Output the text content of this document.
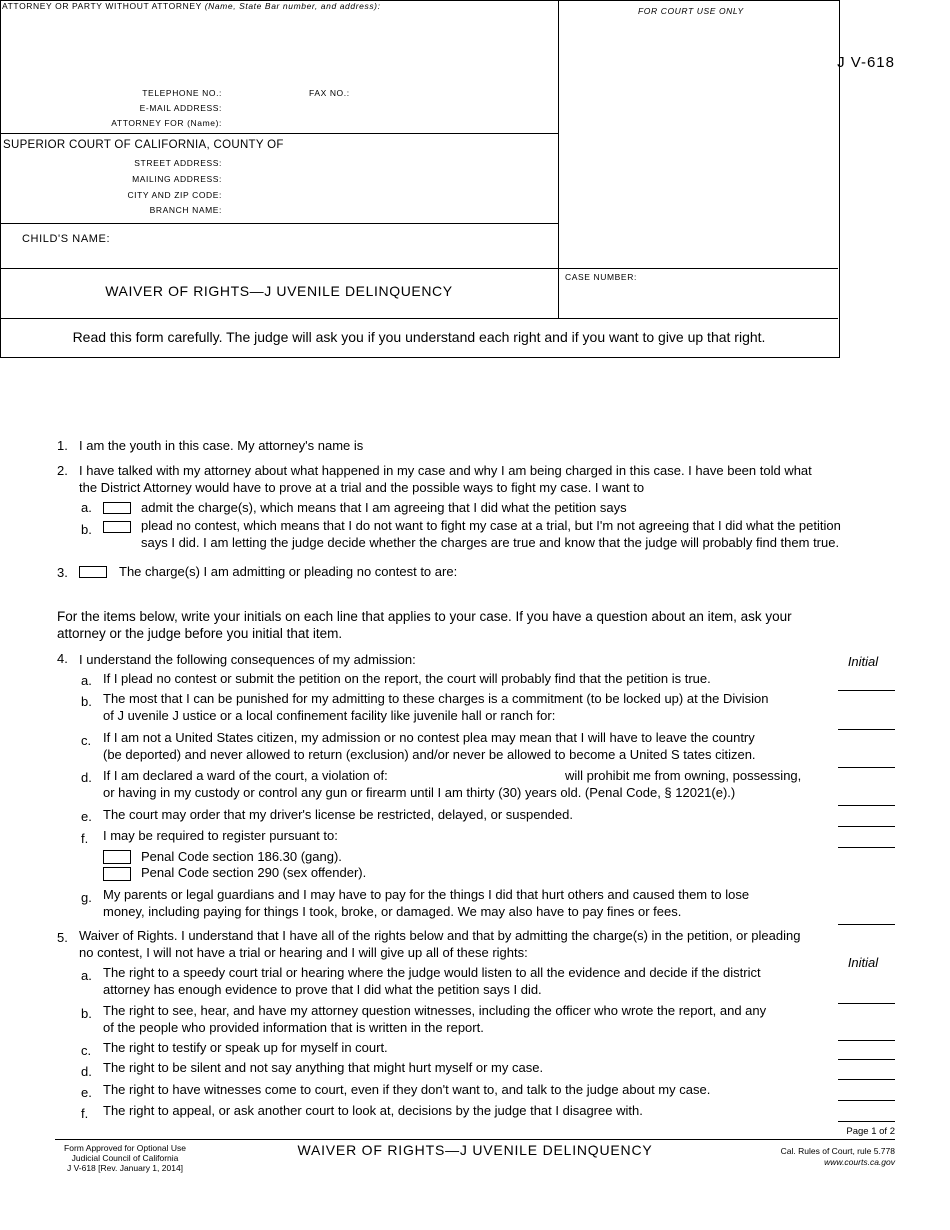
J V-618
ATTORNEY OR PARTY WITHOUT ATTORNEY (Name, State Bar number, and address):	FOR COURT USE ONLY
TELEPHONE NO.:	FAX NO.:
E-MAIL ADDRESS:
ATTORNEY FOR (Name):
SUPERIOR COURT OF CALIFORNIA, COUNTY OF
STREET ADDRESS:
MAILING ADDRESS:
CITY AND ZIP CODE:
BRANCH NAME:
CHILD'S NAME:
WAIVER OF RIGHTS—J UVENILE DELINQUENCY
CASE NUMBER:
Read this form carefully. The judge will ask you if you understand each right and if you want to give up that right.
1. I am the youth in this case. My attorney's name is
2. I have talked with my attorney about what happened in my case and why I am being charged in this case. I have been told what
the District Attorney would have to prove at a trial and the possible ways to fight my case. I want to
a.	admit the charge(s), which means that I am agreeing that I did what the petition says
b.	plead no contest, which means that I do not want to fight my case at a trial, but I'm not agreeing that I did what the petition
says I did. I am letting the judge decide whether the charges are true and know that the judge will probably find them true.
3.	The charge(s) I am admitting or pleading no contest to are:
For the items below, write your initials on each line that applies to your case. If you have a question about an item, ask your
attorney or the judge before you initial that item.
4. I understand the following consequences of my admission:	Initial
a. If I plead no contest or submit the petition on the report, the court will probably find that the petition is true.
b. The most that I can be punished for my admitting to these charges is a commitment (to be locked up) at the Division
of J uvenile J ustice or a local confinement facility like juvenile hall or ranch for:
c. If I am not a United States citizen, my admission or no contest plea may mean that I will have to leave the country
(be deported) and never allowed to return (exclusion) and/or never be allowed to become a United S tates citizen.
d. If I am declared a ward of the court, a violation of:	will prohibit me from owning, possessing,
or having in my custody or control any gun or firearm until I am thirty (30) years old. (Penal Code, § 12021(e).)
e. The court may order that my driver's license be restricted, delayed, or suspended.
f. I may be required to register pursuant to:
Penal Code section 186.30 (gang).
Penal Code section 290 (sex offender).
g. My parents or legal guardians and I may have to pay for the things I did that hurt others and caused them to lose
money, including paying for things I took, broke, or damaged. We may also have to pay fines or fees.
5. Waiver of Rights. I understand that I have all of the rights below and that by admitting the charge(s) in the petition, or pleading
no contest, I will not have a trial or hearing and I will give up all of these rights:
Initial
a. The right to a speedy court trial or hearing where the judge would listen to all the evidence and decide if the district
attorney has enough evidence to prove that I did what the petition says I did.
b. The right to see, hear, and have my attorney question witnesses, including the officer who wrote the report, and any
of the people who provided information that is written in the report.
c. The right to testify or speak up for myself in court.
d. The right to be silent and not say anything that might hurt myself or my case.
e. The right to have witnesses come to court, even if they don't want to, and talk to the judge about my case.
f. The right to appeal, or ask another court to look at, decisions by the judge that I disagree with.
Page 1 of 2
Form Approved for Optional Use
Judicial Council of California
J V-618 [Rev. January 1, 2014]
WAIVER OF RIGHTS—J UVENILE DELINQUENCY	Cal. Rules of Court, rule 5.778
www.courts.ca.gov
